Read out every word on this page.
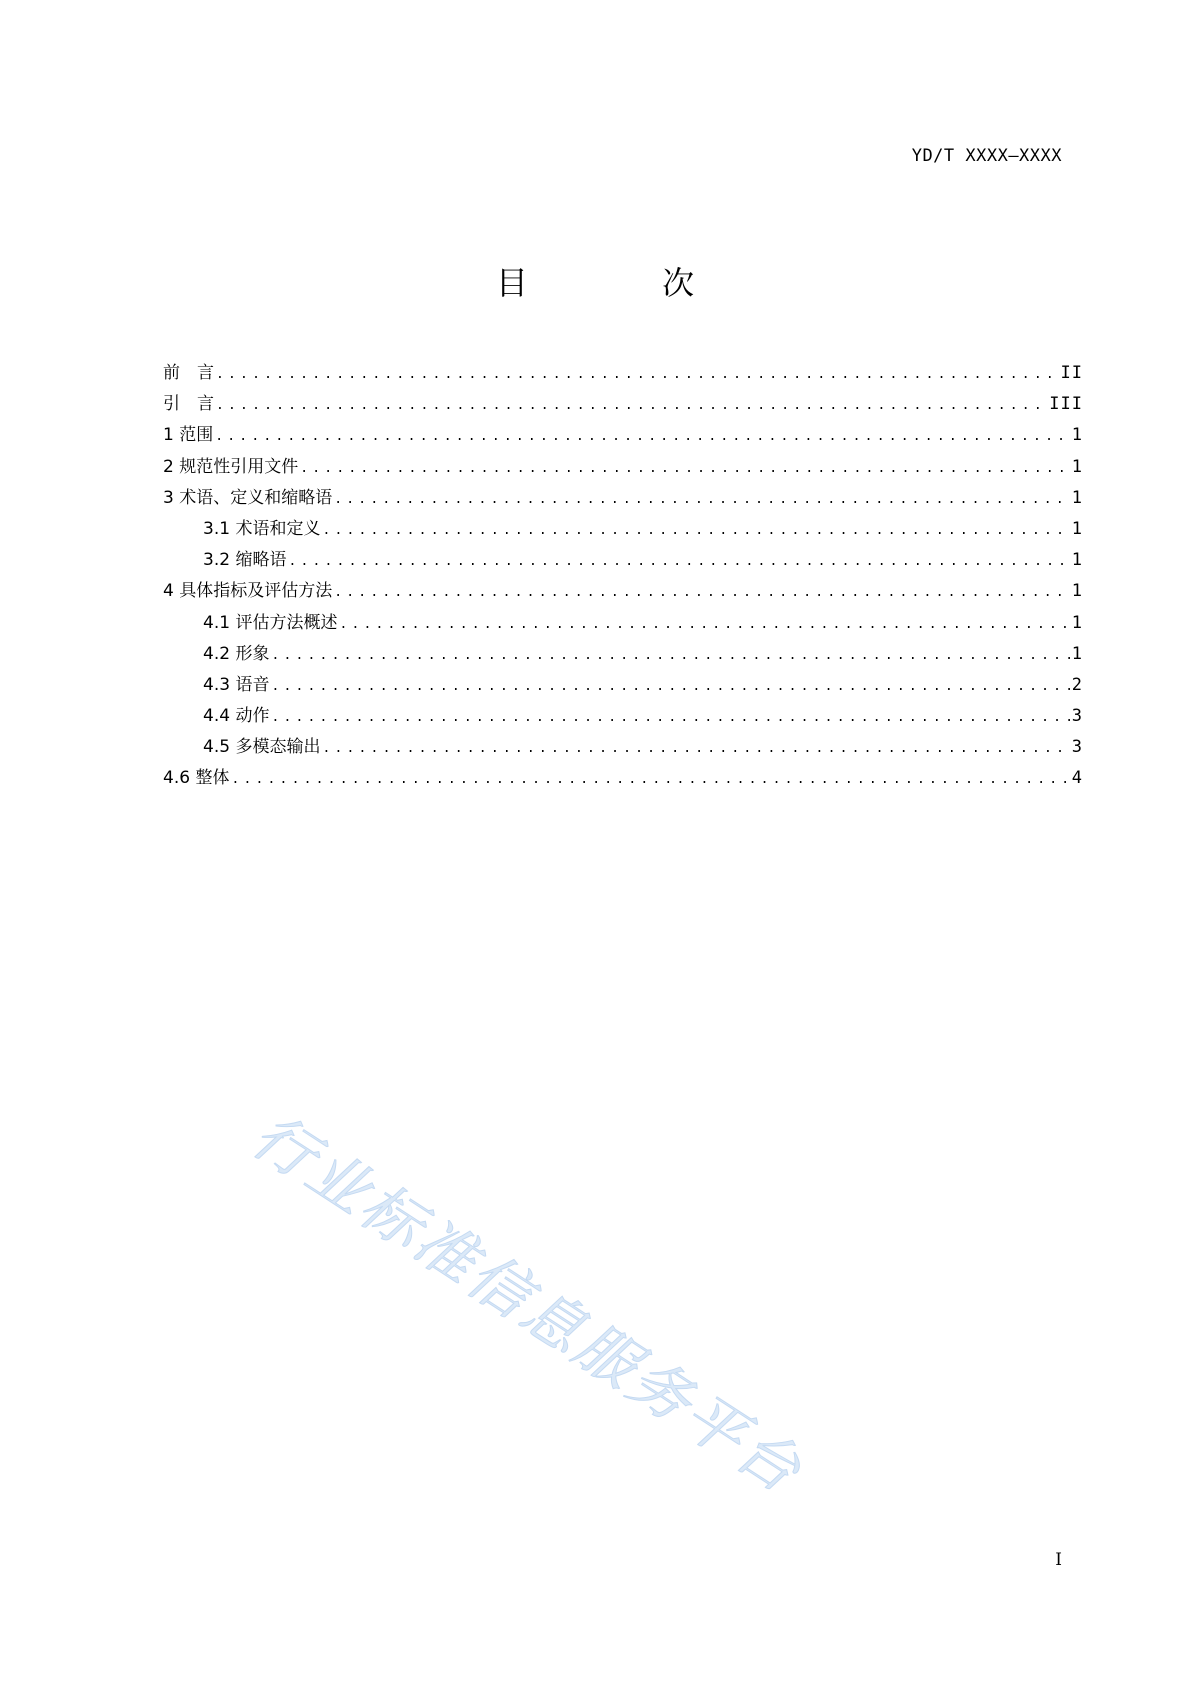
YD/T XXXX—XXXX
目 次
前　言 .....	II
引　言 .....	III
1 范围 .....	1
2 规范性引用文件 .....	1
3 术语、定义和缩略语 .....	1
3.1 术语和定义 .....	1
3.2 缩略语 .....	1
4 具体指标及评估方法 .....	1
4.1 评估方法概述 .....	1
4.2 形象 .....	1
4.3 语音 .....	2
4.4 动作 .....	3
4.5 多模态输出 .....	3
4.6 整体 .....	4
行业标准信息服务平台
I
